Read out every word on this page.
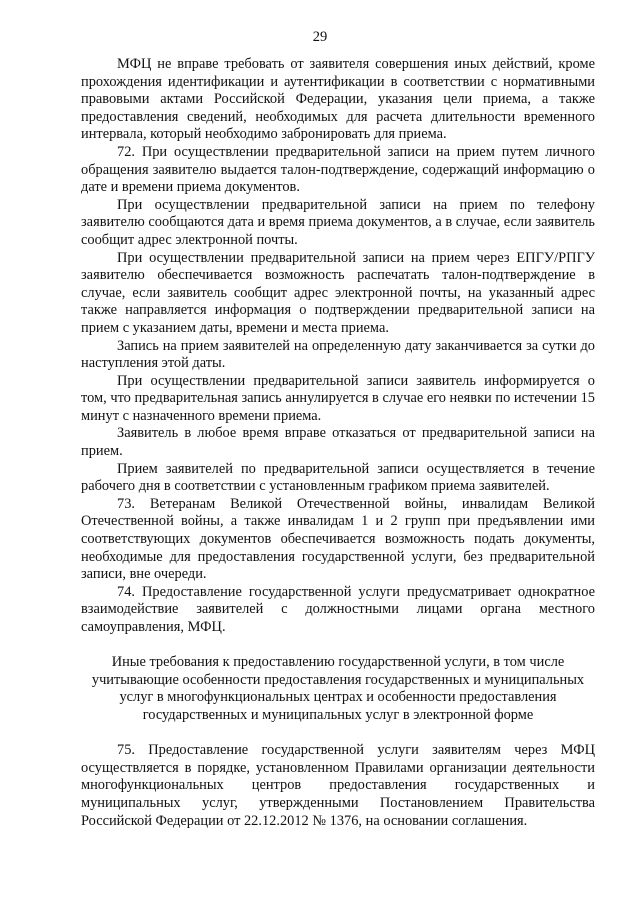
29

МФЦ не вправе требовать от заявителя совершения иных действий, кроме прохождения идентификации и аутентификации в соответствии с нормативными правовыми актами Российской Федерации, указания цели приема, а также предоставления сведений, необходимых для расчета длительности временного интервала, который необходимо забронировать для приема.

72. При осуществлении предварительной записи на прием путем личного обращения заявителю выдается талон-подтверждение, содержащий информацию о дате и времени приема документов.

При осуществлении предварительной записи на прием по телефону заявителю сообщаются дата и время приема документов, а в случае, если заявитель сообщит адрес электронной почты.

При осуществлении предварительной записи на прием через ЕПГУ/РПГУ заявителю обеспечивается возможность распечатать талон-подтверждение в случае, если заявитель сообщит адрес электронной почты, на указанный адрес также направляется информация о подтверждении предварительной записи на прием с указанием даты, времени и места приема.

Запись на прием заявителей на определенную дату заканчивается за сутки до наступления этой даты.

При осуществлении предварительной записи заявитель информируется о том, что предварительная запись аннулируется в случае его неявки по истечении 15 минут с назначенного времени приема.

Заявитель в любое время вправе отказаться от предварительной записи на прием.

Прием заявителей по предварительной записи осуществляется в течение рабочего дня в соответствии с установленным графиком приема заявителей.

73. Ветеранам Великой Отечественной войны, инвалидам Великой Отечественной войны, а также инвалидам 1 и 2 групп при предъявлении ими соответствующих документов обеспечивается возможность подать документы, необходимые для предоставления государственной услуги, без предварительной записи, вне очереди.

74. Предоставление государственной услуги предусматривает однократное взаимодействие заявителей с должностными лицами органа местного самоуправления, МФЦ.

Иные требования к предоставлению государственной услуги, в том числе учитывающие особенности предоставления государственных и муниципальных услуг в многофункциональных центрах и особенности предоставления государственных и муниципальных услуг в электронной форме

75. Предоставление государственной услуги заявителям через МФЦ осуществляется в порядке, установленном Правилами организации деятельности многофункциональных центров предоставления государственных и муниципальных услуг, утвержденными Постановлением Правительства Российской Федерации от 22.12.2012 № 1376, на основании соглашения.
